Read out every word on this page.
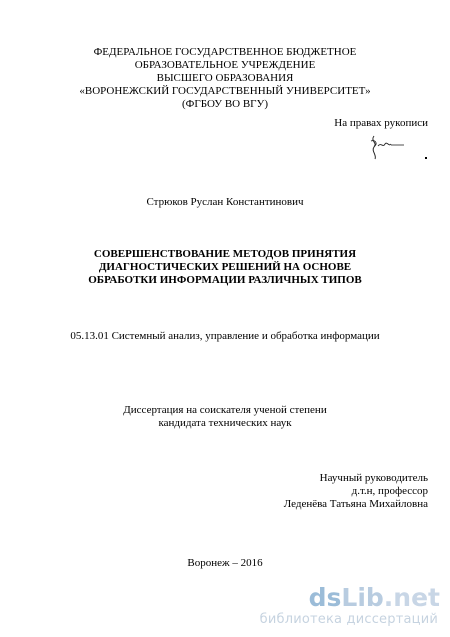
ФЕДЕРАЛЬНОЕ ГОСУДАРСТВЕННОЕ БЮДЖЕТНОЕ
ОБРАЗОВАТЕЛЬНОЕ УЧРЕЖДЕНИЕ
ВЫСШЕГО ОБРАЗОВАНИЯ
«ВОРОНЕЖСКИЙ ГОСУДАРСТВЕННЫЙ УНИВЕРСИТЕТ»
(ФГБОУ ВО ВГУ)
На правах рукописи
Стрюков Руслан Константинович
СОВЕРШЕНСТВОВАНИЕ МЕТОДОВ ПРИНЯТИЯ
ДИАГНОСТИЧЕСКИХ РЕШЕНИЙ НА ОСНОВЕ
ОБРАБОТКИ ИНФОРМАЦИИ РАЗЛИЧНЫХ ТИПОВ
05.13.01 Системный анализ, управление и обработка информации
Диссертация на соискателя ученой степени
кандидата технических наук
Научный руководитель
д.т.н, профессор
Леденёва Татьяна Михайловна
Воронеж – 2016
dsLib.net
библиотека диссертаций
